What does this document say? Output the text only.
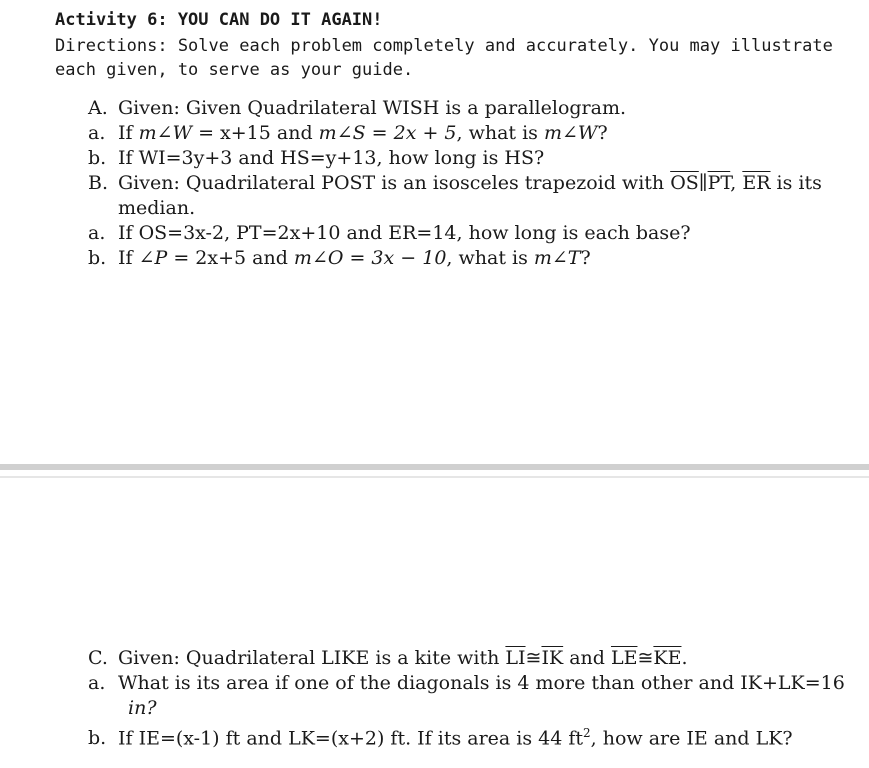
Activity 6: YOU CAN DO IT AGAIN!
Directions: Solve each problem completely and accurately. You may illustrate
each given, to serve as your guide.
A. Given: Given Quadrilateral WISH is a parallelogram.
a. If m∠W = x+15 and m∠S = 2x + 5, what is m∠W?
b. If WI=3y+3 and HS=y+13, how long is HS?
B. Given: Quadrilateral POST is an isosceles trapezoid with $\overline{OS}\parallel\overline{PT}$, $\overline{ER}$ is its
median.
a. If OS=3x-2, PT=2x+10 and ER=14, how long is each base?
b. If ∠P = 2x+5 and m∠O = 3x − 10, what is m∠T?
C. Given: Quadrilateral LIKE is a kite with $\overline{LI}≅\overline{IK}$ and $\overline{LE}≅\overline{KE}$.
a. What is its area if one of the diagonals is 4 more than other and IK+LK=16
in?
b. If IE=(x-1) ft and LK=(x+2) ft. If its area is 44 $ft^2$, how are IE and LK?
